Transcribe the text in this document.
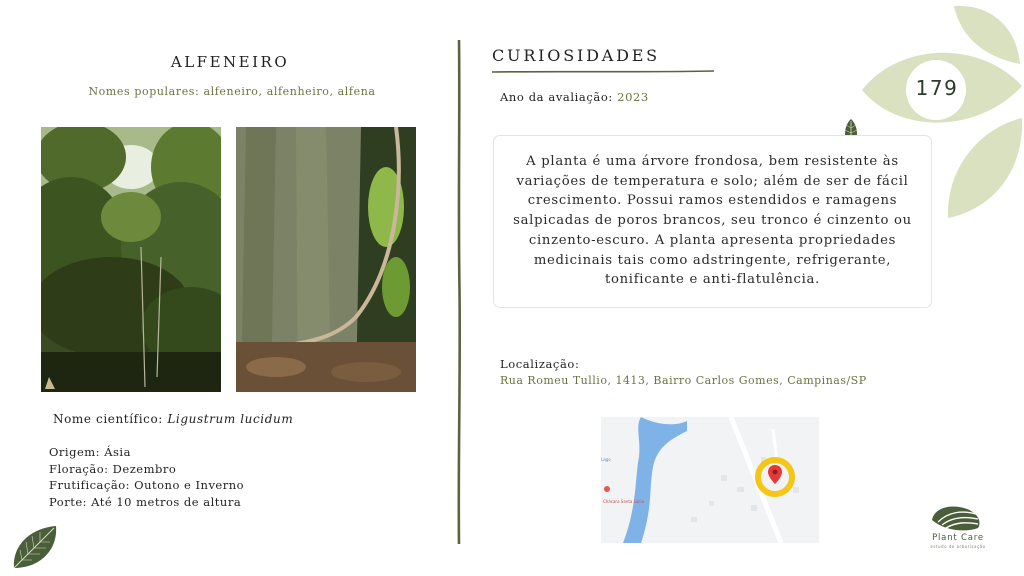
179
ALFENEIRO
Nomes populares: alfeneiro, alfenheiro, alfena
Nome científico: Ligustrum lucidum
Origem: Ásia
Floração: Dezembro
Frutificação: Outono e Inverno
Porte: Até 10 metros de altura
CURIOSIDADES
Ano da avaliação: 2023
A planta é uma árvore frondosa, bem resistente às variações de temperatura e solo; além de ser de fácil crescimento. Possui ramos estendidos e ramagens salpicadas de poros brancos, seu tronco é cinzento ou cinzento-escuro. A planta apresenta propriedades medicinais tais como adstringente, refrigerante, tonificante e anti-flatulência.
Localização:
Rua Romeu Tullio, 1413, Bairro Carlos Gomes, Campinas/SP
Chácara Santa Lúcia
Lago
Plant Care
estudo de arborização
